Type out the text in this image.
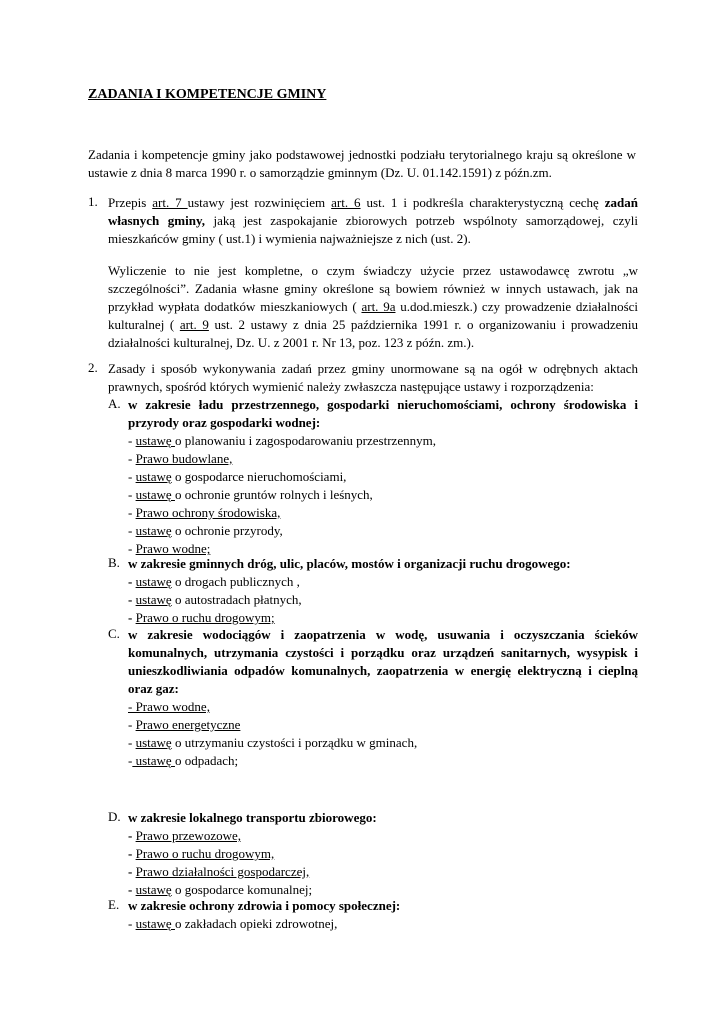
ZADANIA I KOMPETENCJE GMINY
Zadania i kompetencje gminy jako podstawowej jednostki podziału terytorialnego kraju są określone w ustawie z dnia 8 marca 1990 r. o samorządzie gminnym (Dz. U. 01.142.1591) z późn.zm.
1. Przepis art. 7 ustawy jest rozwinięciem art. 6 ust. 1 i podkreśla charakterystyczną cechę zadań własnych gminy, jaką jest zaspokajanie zbiorowych potrzeb wspólnoty samorządowej, czyli mieszkańców gminy ( ust.1) i wymienia najważniejsze z nich (ust. 2).
Wyliczenie to nie jest kompletne, o czym świadczy użycie przez ustawodawcę zwrotu „w szczególności”. Zadania własne gminy określone są bowiem również w innych ustawach, jak na przykład wypłata dodatków mieszkaniowych ( art. 9a u.dod.mieszk.) czy prowadzenie działalności kulturalnej ( art. 9 ust. 2 ustawy z dnia 25 października 1991 r. o organizowaniu i prowadzeniu działalności kulturalnej, Dz. U. z 2001 r. Nr 13, poz. 123 z późn. zm.).
2. Zasady i sposób wykonywania zadań przez gminy unormowane są na ogół w odrębnych aktach prawnych, spośród których wymienić należy zwłaszcza następujące ustawy i rozporządzenia:
A. w zakresie ładu przestrzennego, gospodarki nieruchomościami, ochrony środowiska i przyrody oraz gospodarki wodnej:
- ustawę o planowaniu i zagospodarowaniu przestrzennym,
- Prawo budowlane,
- ustawę o gospodarce nieruchomościami,
- ustawę o ochronie gruntów rolnych i leśnych,
- Prawo ochrony środowiska,
- ustawę o ochronie przyrody,
- Prawo wodne;
B. w zakresie gminnych dróg, ulic, placów, mostów i organizacji ruchu drogowego:
- ustawę o drogach publicznych ,
- ustawę o autostradach płatnych,
- Prawo o ruchu drogowym;
C. w zakresie wodociągów i zaopatrzenia w wodę, usuwania i oczyszczania ścieków komunalnych, utrzymania czystości i porządku oraz urządzeń sanitarnych, wysypisk i unieszkodliwiania odpadów komunalnych, zaopatrzenia w energię elektryczną i cieplną oraz gaz:
- Prawo wodne,
- Prawo energetyczne
- ustawę o utrzymaniu czystości i porządku w gminach,
- ustawę o odpadach;
D. w zakresie lokalnego transportu zbiorowego:
- Prawo przewozowe,
- Prawo o ruchu drogowym,
- Prawo działalności gospodarczej,
- ustawę o gospodarce komunalnej;
E. w zakresie ochrony zdrowia i pomocy społecznej:
- ustawę o zakładach opieki zdrowotnej,
